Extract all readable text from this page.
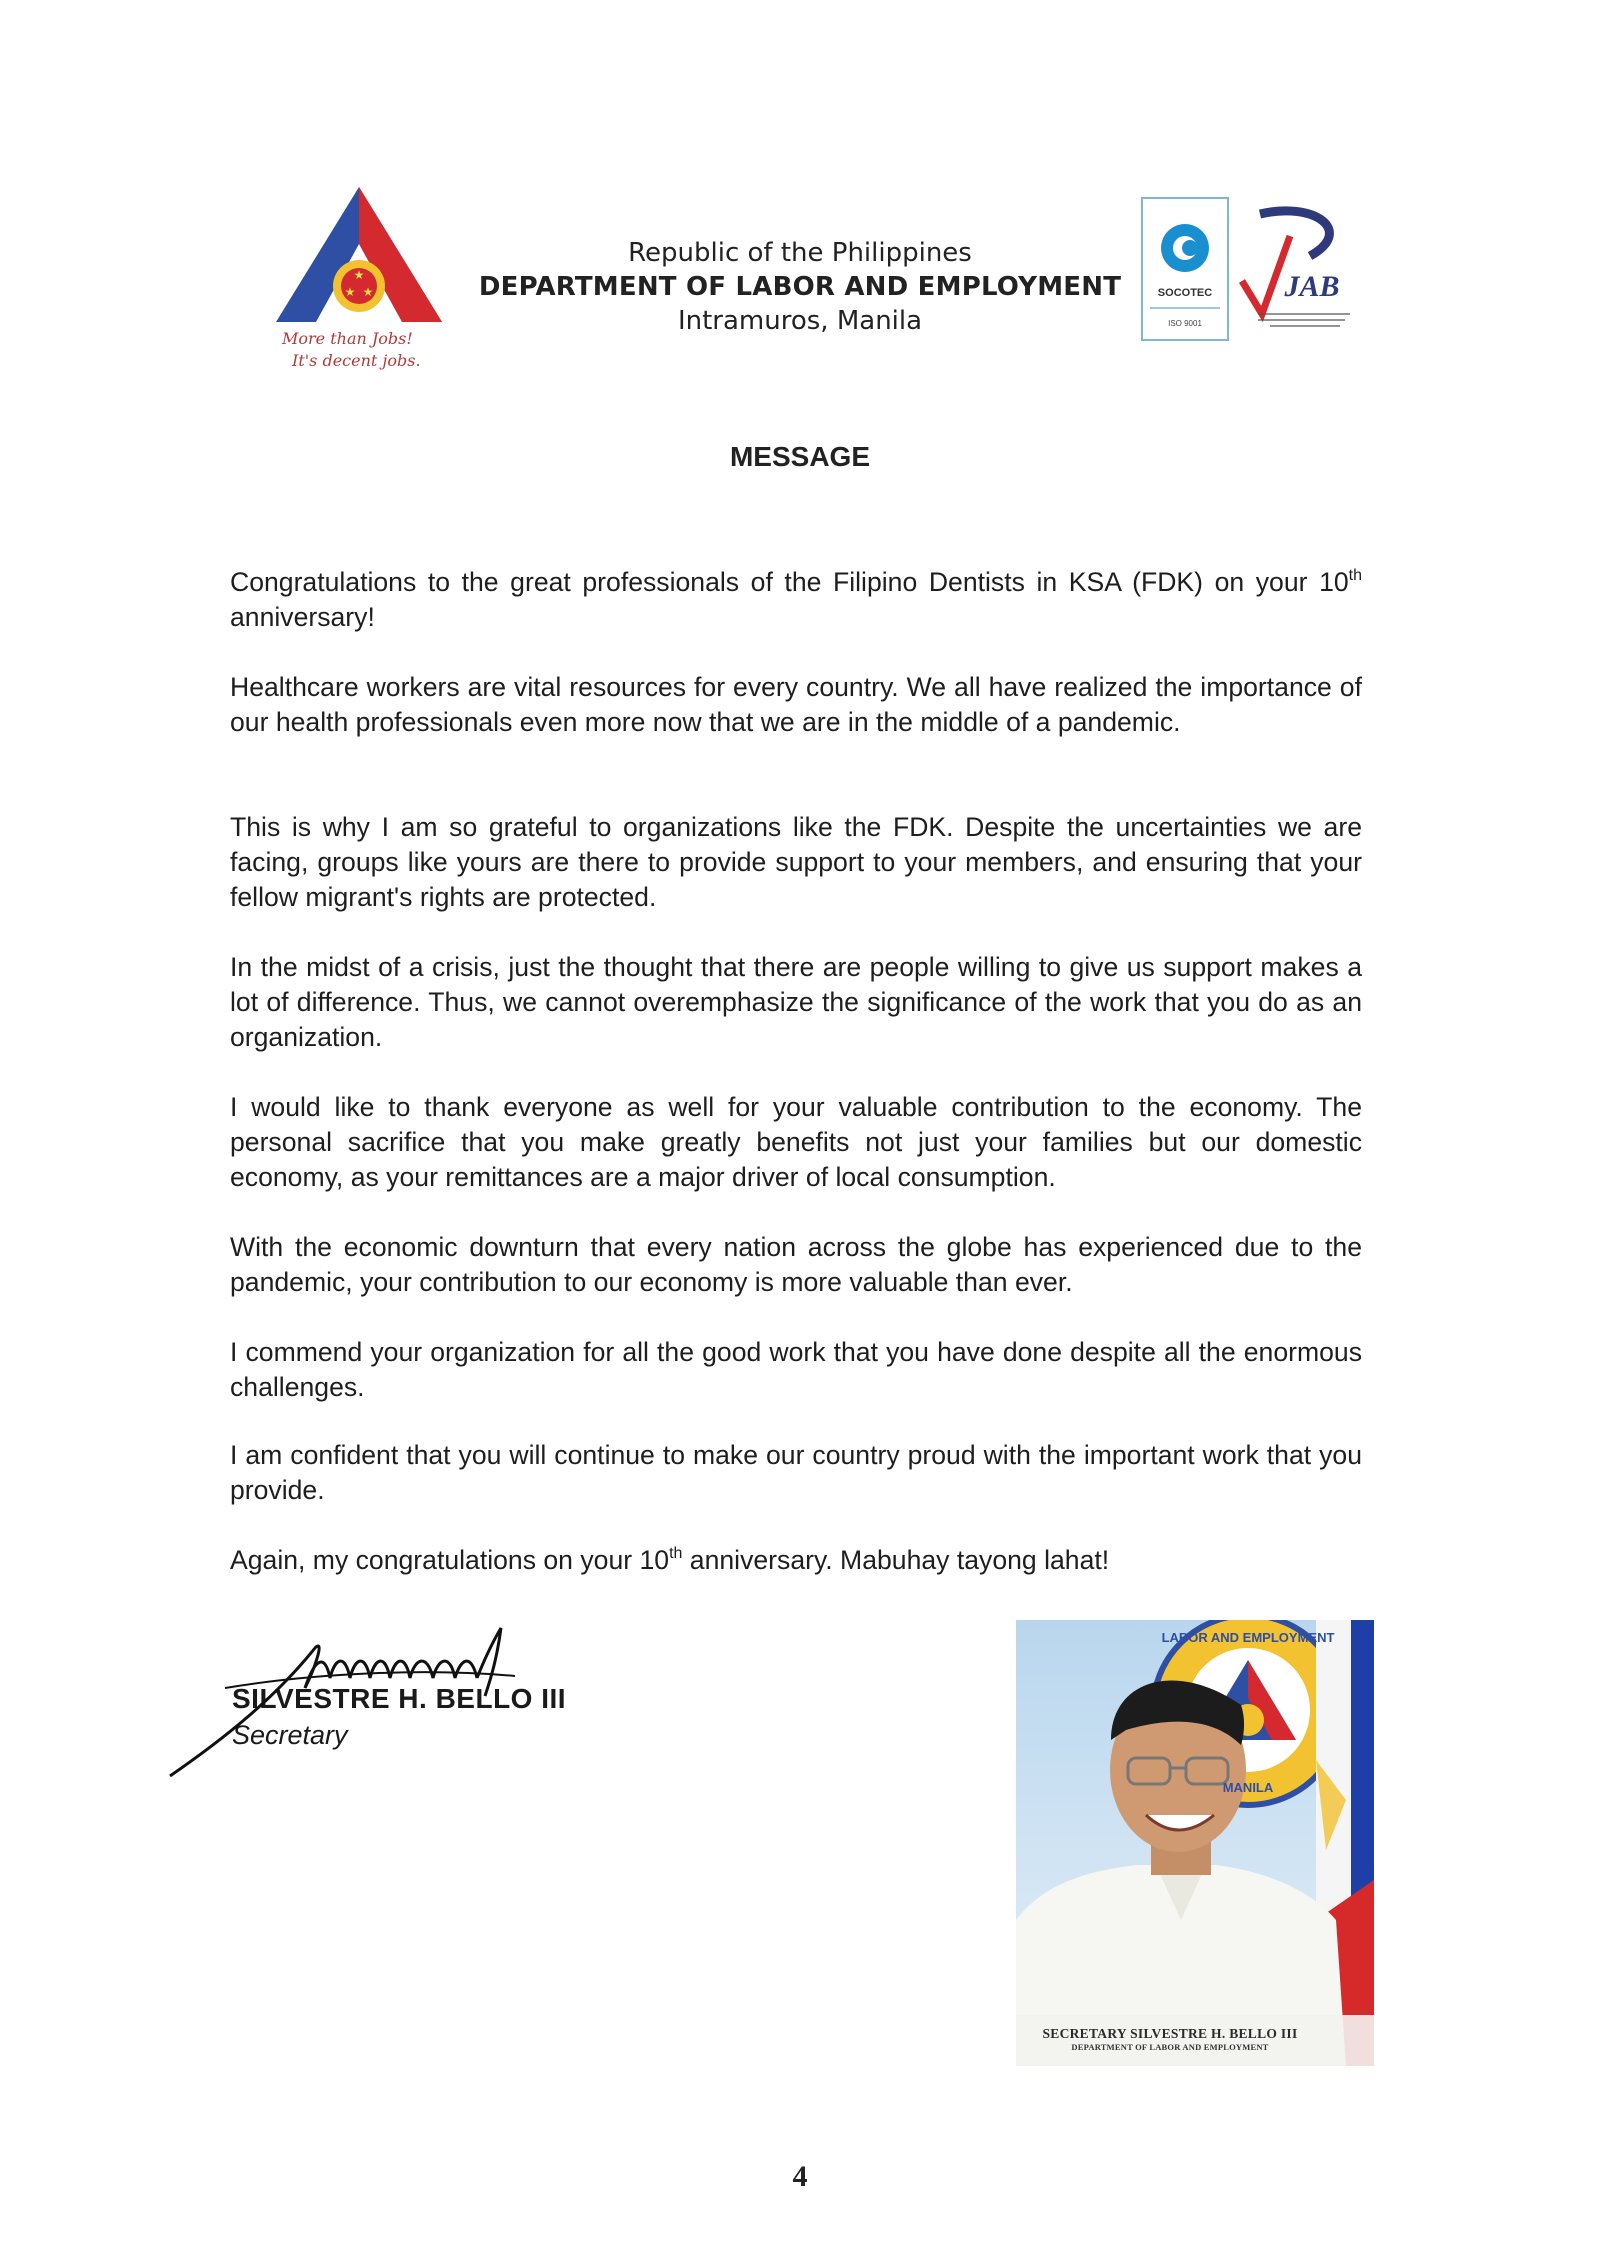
★
★ ★
More than Jobs!
It's decent jobs.
Republic of the Philippines
DEPARTMENT OF LABOR AND EMPLOYMENT
Intramuros, Manila
SOCOTEC
ISO 9001
JAB
MESSAGE
Congratulations to the great professionals of the Filipino Dentists in KSA (FDK) on your 10th anniversary!
Healthcare workers are vital resources for every country. We all have realized the importance of our health professionals even more now that we are in the middle of a pandemic.
This is why I am so grateful to organizations like the FDK. Despite the uncertainties we are facing, groups like yours are there to provide support to your members, and ensuring that your fellow migrant's rights are protected.
In the midst of a crisis, just the thought that there are people willing to give us support makes a lot of difference. Thus, we cannot overemphasize the significance of the work that you do as an organization.
I would like to thank everyone as well for your valuable contribution to the economy. The personal sacrifice that you make greatly benefits not just your families but our domestic economy, as your remittances are a major driver of local consumption.
With the economic downturn that every nation across the globe has experienced due to the pandemic, your contribution to our economy is more valuable than ever.
I commend your organization for all the good work that you have done despite all the enormous challenges.
I am confident that you will continue to make our country proud with the important work that you provide.
Again, my congratulations on your 10th anniversary. Mabuhay tayong lahat!
SILVESTRE H. BELLO III
Secretary
LABOR AND EMPLOYMENT
MANILA
SECRETARY SILVESTRE H. BELLO III
DEPARTMENT OF LABOR AND EMPLOYMENT
4
